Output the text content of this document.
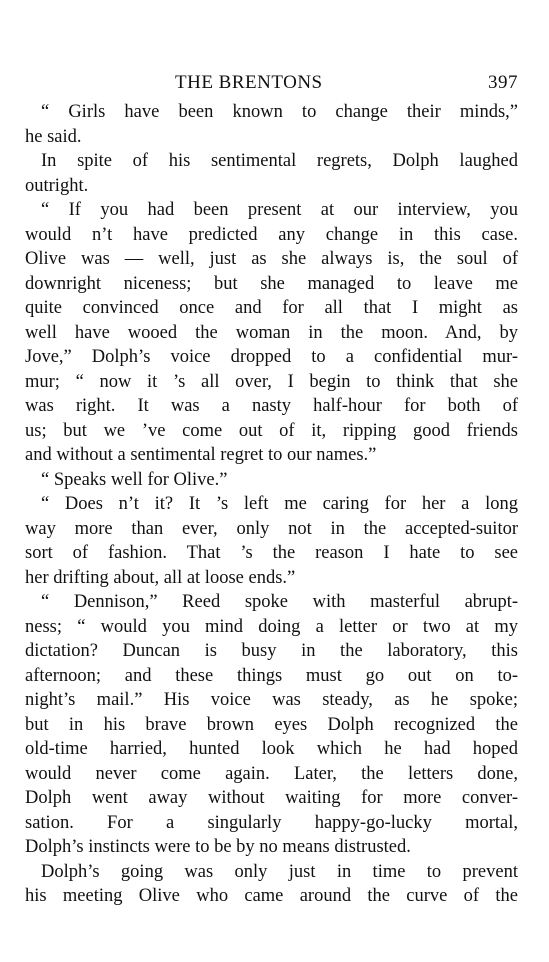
THE BRENTONS	397
“ Girls have been known to change their minds,”
he said.
In spite of his sentimental regrets, Dolph laughed
outright.
“ If you had been present at our interview, you
would n’t have predicted any change in this case.
Olive was — well, just as she always is, the soul of
downright niceness; but she managed to leave me
quite convinced once and for all that I might as
well have wooed the woman in the moon. And, by
Jove,” Dolph’s voice dropped to a confidential mur-
mur; “ now it ’s all over, I begin to think that she
was right. It was a nasty half-hour for both of
us; but we ’ve come out of it, ripping good friends
and without a sentimental regret to our names.”
“ Speaks well for Olive.”
“ Does n’t it? It ’s left me caring for her a long
way more than ever, only not in the accepted-suitor
sort of fashion. That ’s the reason I hate to see
her drifting about, all at loose ends.”
“ Dennison,” Reed spoke with masterful abrupt-
ness; “ would you mind doing a letter or two at my
dictation? Duncan is busy in the laboratory, this
afternoon; and these things must go out on to-
night’s mail.” His voice was steady, as he spoke;
but in his brave brown eyes Dolph recognized the
old-time harried, hunted look which he had hoped
would never come again. Later, the letters done,
Dolph went away without waiting for more conver-
sation. For a singularly happy-go-lucky mortal,
Dolph’s instincts were to be by no means distrusted.
Dolph’s going was only just in time to prevent
his meeting Olive who came around the curve of the
